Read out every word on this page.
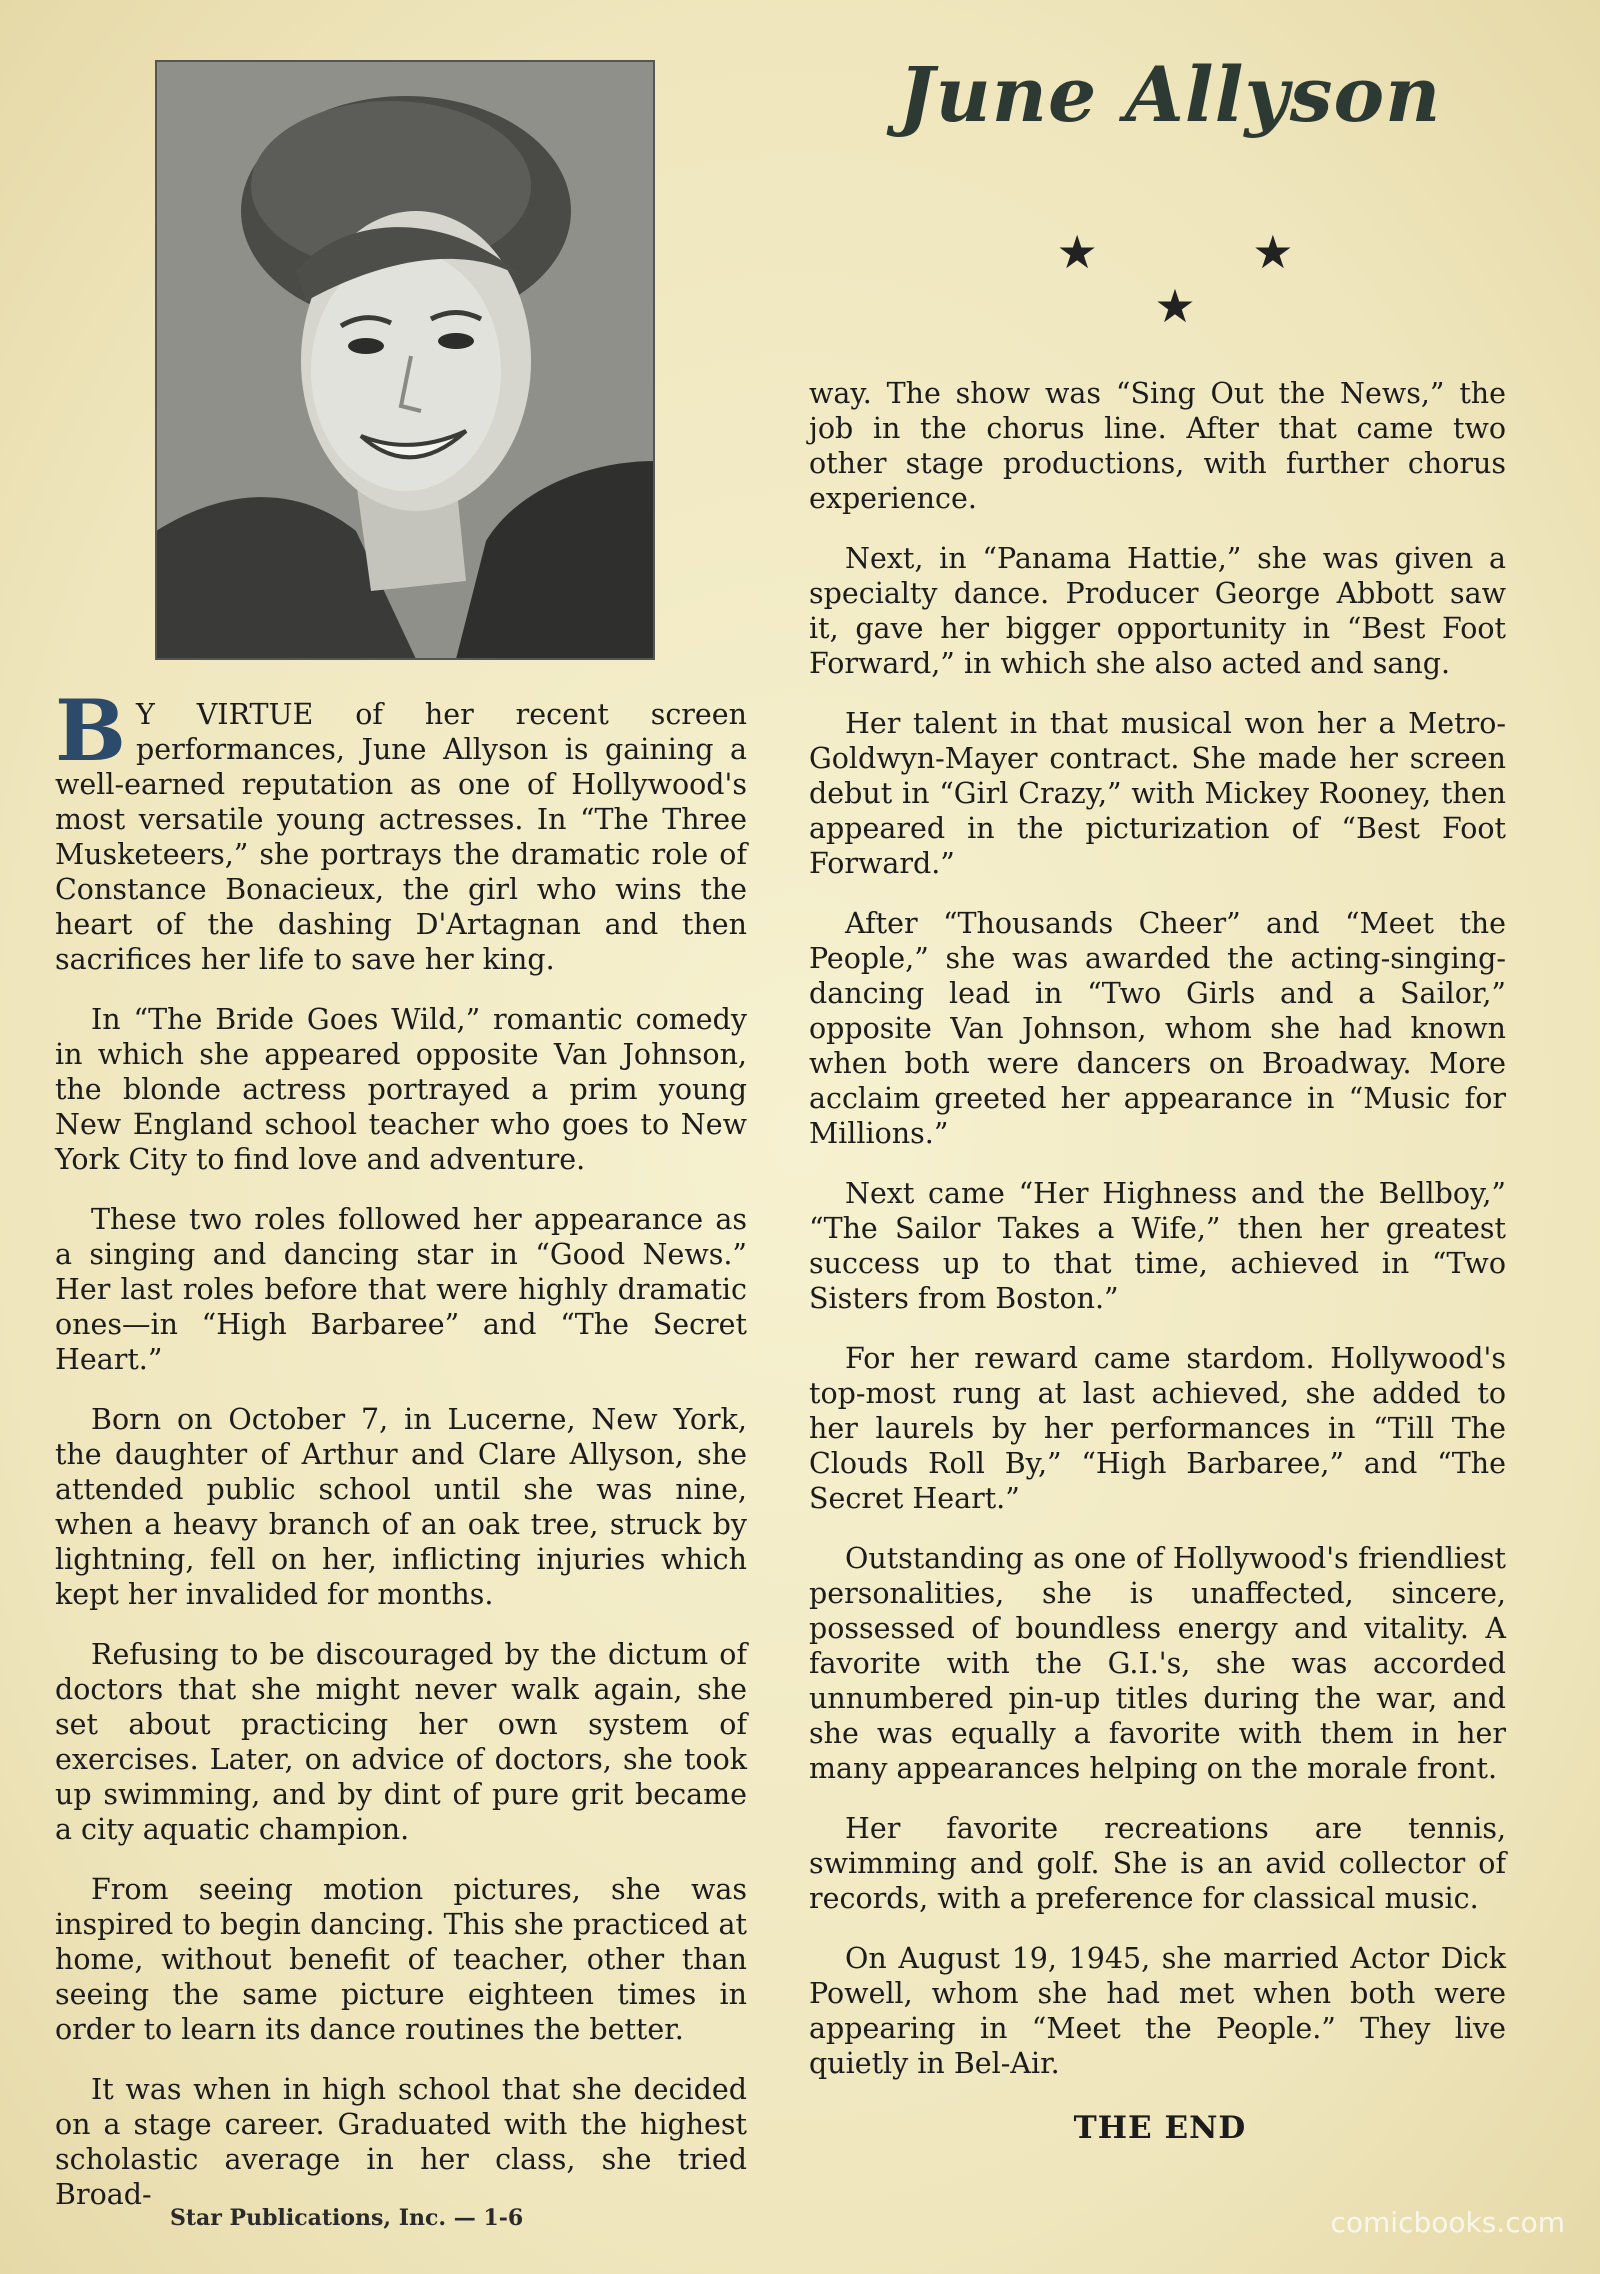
June Allyson
★ ★ ★

B Y VIRTUE of her recent screen performances, June Allyson is gaining a well-earned reputation as one of Hollywood's most versatile young actresses. In “The Three Musketeers,” she portrays the dramatic role of Constance Bonacieux, the girl who wins the heart of the dashing D'Artagnan and then sacrifices her life to save her king.

In “The Bride Goes Wild,” romantic comedy in which she appeared opposite Van Johnson, the blonde actress portrayed a prim young New England school teacher who goes to New York City to find love and adventure.

These two roles followed her appearance as a singing and dancing star in “Good News.” Her last roles before that were highly dramatic ones—in “High Barbaree” and “The Secret Heart.”

Born on October 7, in Lucerne, New York, the daughter of Arthur and Clare Allyson, she attended public school until she was nine, when a heavy branch of an oak tree, struck by lightning, fell on her, inflicting injuries which kept her invalided for months.

Refusing to be discouraged by the dictum of doctors that she might never walk again, she set about practicing her own system of exercises. Later, on advice of doctors, she took up swimming, and by dint of pure grit became a city aquatic champion.

From seeing motion pictures, she was inspired to begin dancing. This she practiced at home, without benefit of teacher, other than seeing the same picture eighteen times in order to learn its dance routines the better.

It was when in high school that she decided on a stage career. Graduated with the highest scholastic average in her class, she tried Broad-

way. The show was “Sing Out the News,” the job in the chorus line. After that came two other stage productions, with further chorus experience.

Next, in “Panama Hattie,” she was given a specialty dance. Producer George Abbott saw it, gave her bigger opportunity in “Best Foot Forward,” in which she also acted and sang.

Her talent in that musical won her a Metro-Goldwyn-Mayer contract. She made her screen debut in “Girl Crazy,” with Mickey Rooney, then appeared in the picturization of “Best Foot Forward.”

After “Thousands Cheer” and “Meet the People,” she was awarded the acting-singing-dancing lead in “Two Girls and a Sailor,” opposite Van Johnson, whom she had known when both were dancers on Broadway. More acclaim greeted her appearance in “Music for Millions.”

Next came “Her Highness and the Bellboy,” “The Sailor Takes a Wife,” then her greatest success up to that time, achieved in “Two Sisters from Boston.”

For her reward came stardom. Hollywood's top-most rung at last achieved, she added to her laurels by her performances in “Till The Clouds Roll By,” “High Barbaree,” and “The Secret Heart.”

Outstanding as one of Hollywood's friendliest personalities, she is unaffected, sincere, possessed of boundless energy and vitality. A favorite with the G.I.'s, she was accorded unnumbered pin-up titles during the war, and she was equally a favorite with them in her many appearances helping on the morale front.

Her favorite recreations are tennis, swimming and golf. She is an avid collector of records, with a preference for classical music.

On August 19, 1945, she married Actor Dick Powell, whom she had met when both were appearing in “Meet the People.” They live quietly in Bel-Air.

THE END
Star Publications, Inc. — 1-6	comicbooks.com
